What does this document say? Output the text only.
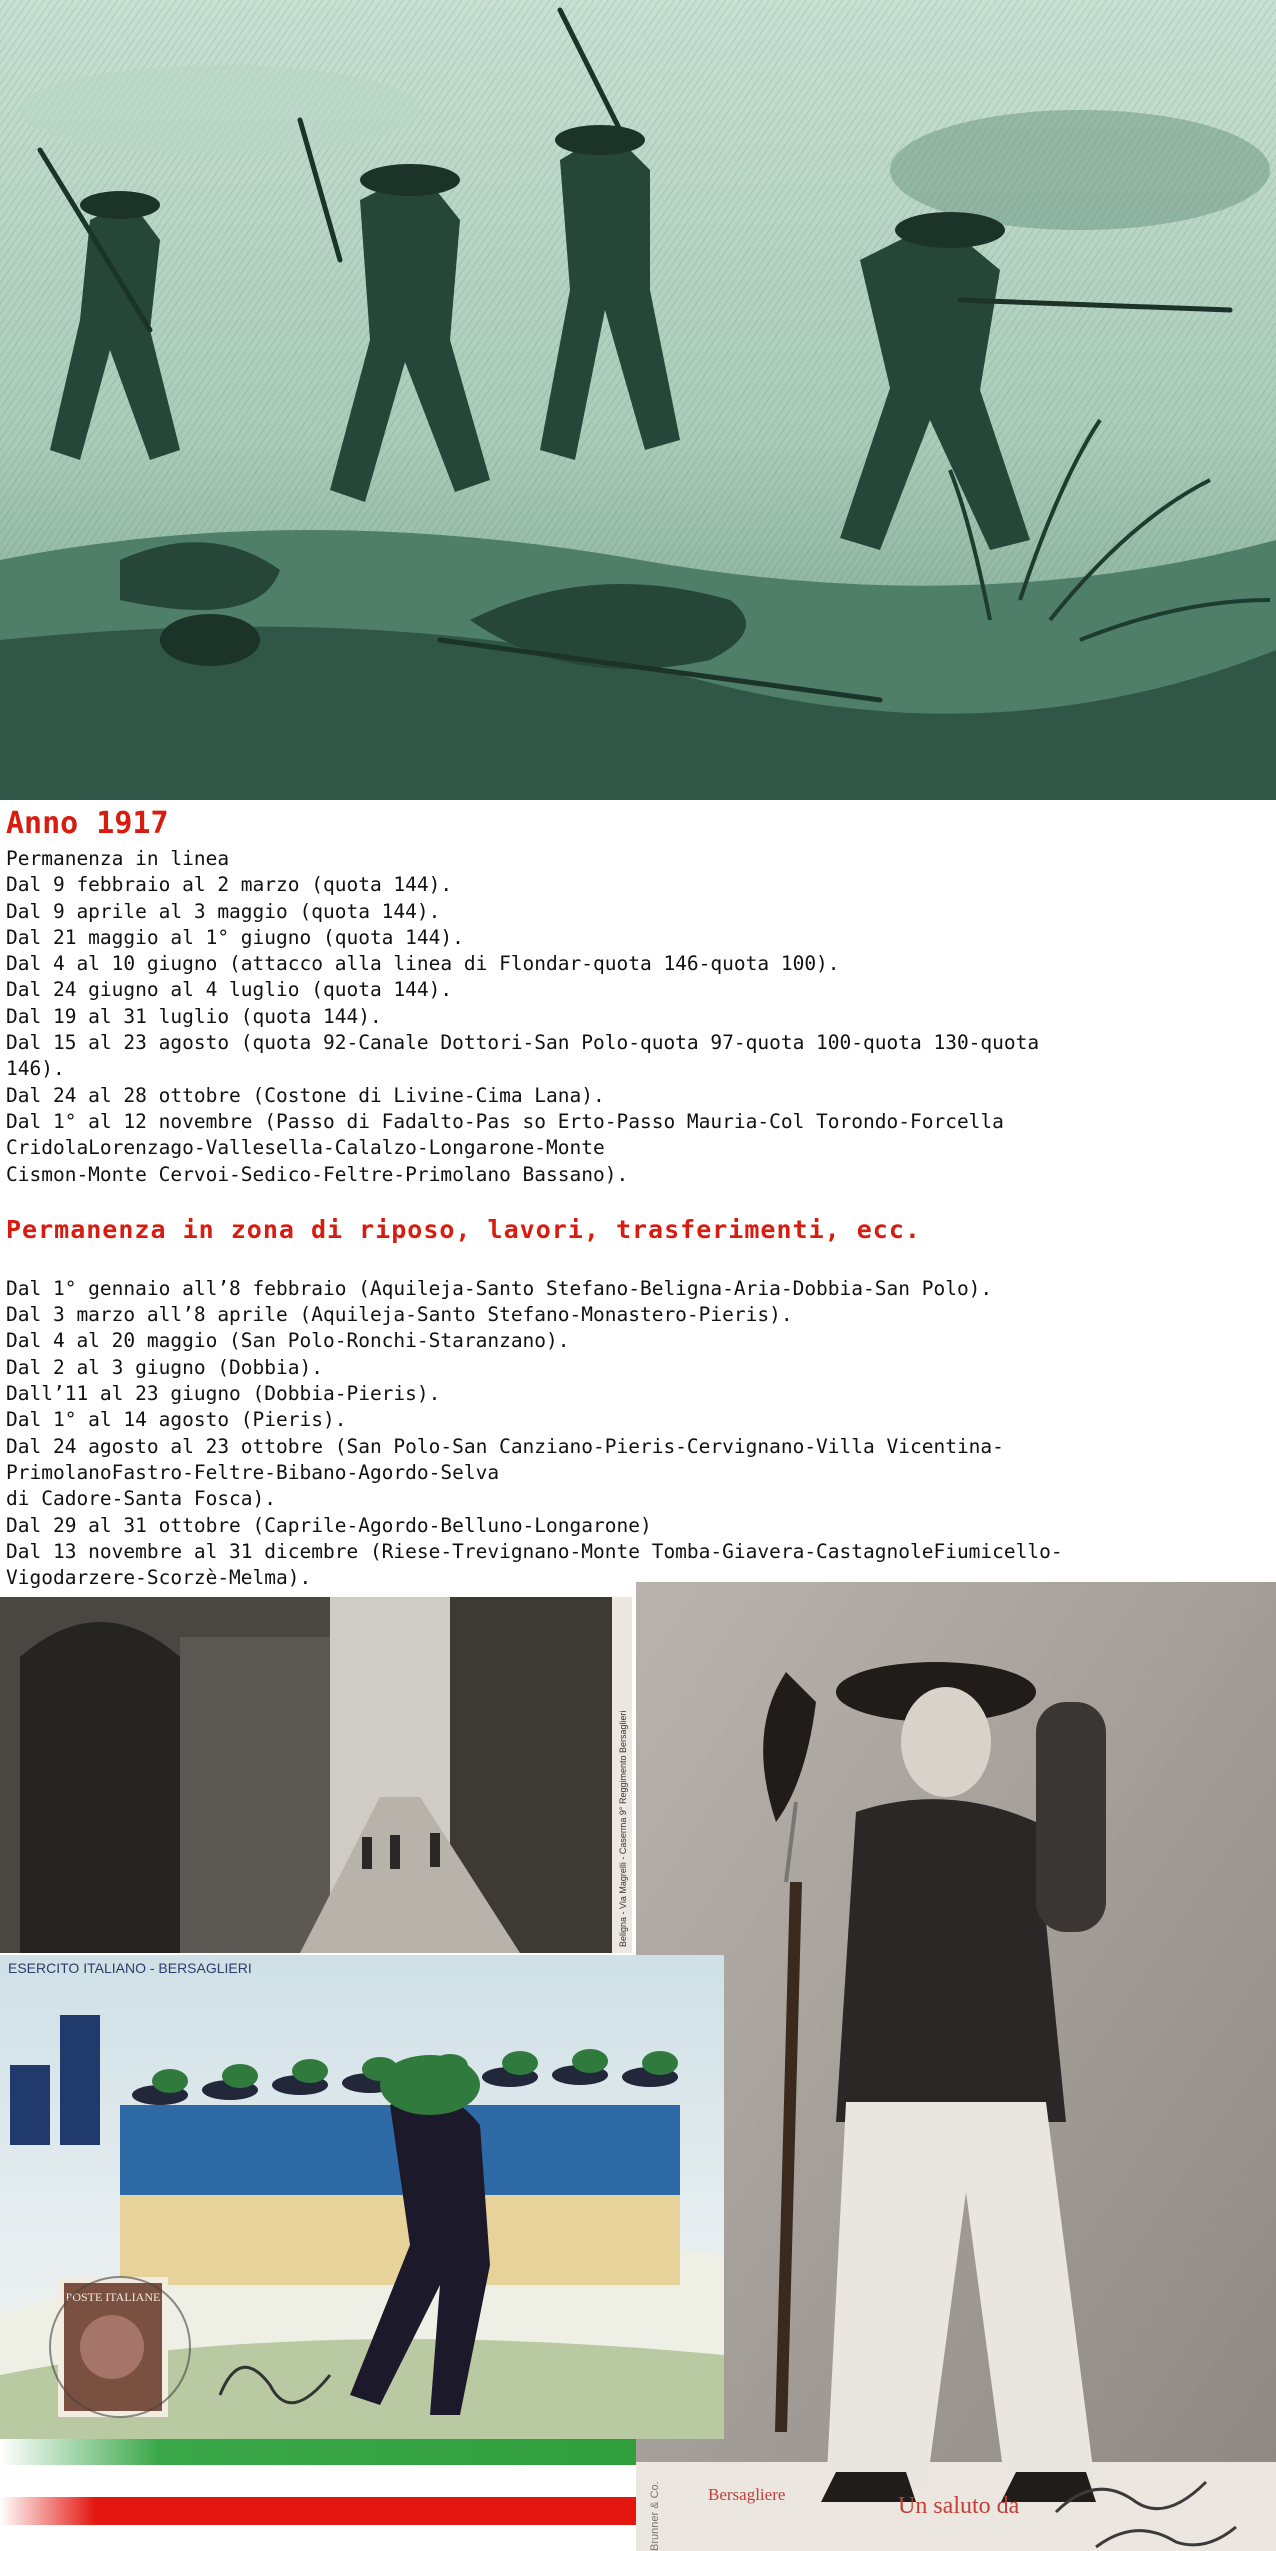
Anno 1917
Permanenza in linea
Dal 9 febbraio al 2 marzo (quota 144).
Dal 9 aprile al 3 maggio (quota 144).
Dal 21 maggio al 1° giugno (quota 144).
Dal 4 al 10 giugno (attacco alla linea di Flondar-quota 146-quota 100).
Dal 24 giugno al 4 luglio (quota 144).
Dal 19 al 31 luglio (quota 144).
Dal 15 al 23 agosto (quota 92-Canale Dottori-San Polo-quota 97-quota 100-quota 130-quota
146).
Dal 24 al 28 ottobre (Costone di Livine-Cima Lana).
Dal 1° al 12 novembre (Passo di Fadalto-Pas so Erto-Passo Mauria-Col Torondo-Forcella
CridolaLorenzago-Vallesella-Calalzo-Longarone-Monte
Cismon-Monte Cervoi-Sedico-Feltre-Primolano Bassano).
Permanenza in zona di riposo, lavori, trasferimenti, ecc.
Dal 1° gennaio all’8 febbraio (Aquileja-Santo Stefano-Beligna-Aria-Dobbia-San Polo).
Dal 3 marzo all’8 aprile (Aquileja-Santo Stefano-Monastero-Pieris).
Dal 4 al 20 maggio (San Polo-Ronchi-Staranzano).
Dal 2 al 3 giugno (Dobbia).
Dall’11 al 23 giugno (Dobbia-Pieris).
Dal 1° al 14 agosto (Pieris).
Dal 24 agosto al 23 ottobre (San Polo-San Canziano-Pieris-Cervignano-Villa Vicentina-
PrimolanoFastro-Feltre-Bibano-Agordo-Selva
di Cadore-Santa Fosca).
Dal 29 al 31 ottobre (Caprile-Agordo-Belluno-Longarone)
Dal 13 novembre al 31 dicembre (Riese-Trevignano-Monte Tomba-Giavera-CastagnoleFiumicello-
Vigodarzere-Scorzè-Melma).
Beligna - Via Magrelli - Caserma 9° Reggimento Bersaglieri
Bersagliere	Un saluto da
Brunner & Co.
ESERCITO ITALIANO - BERSAGLIERI
POSTE ITALIANE
